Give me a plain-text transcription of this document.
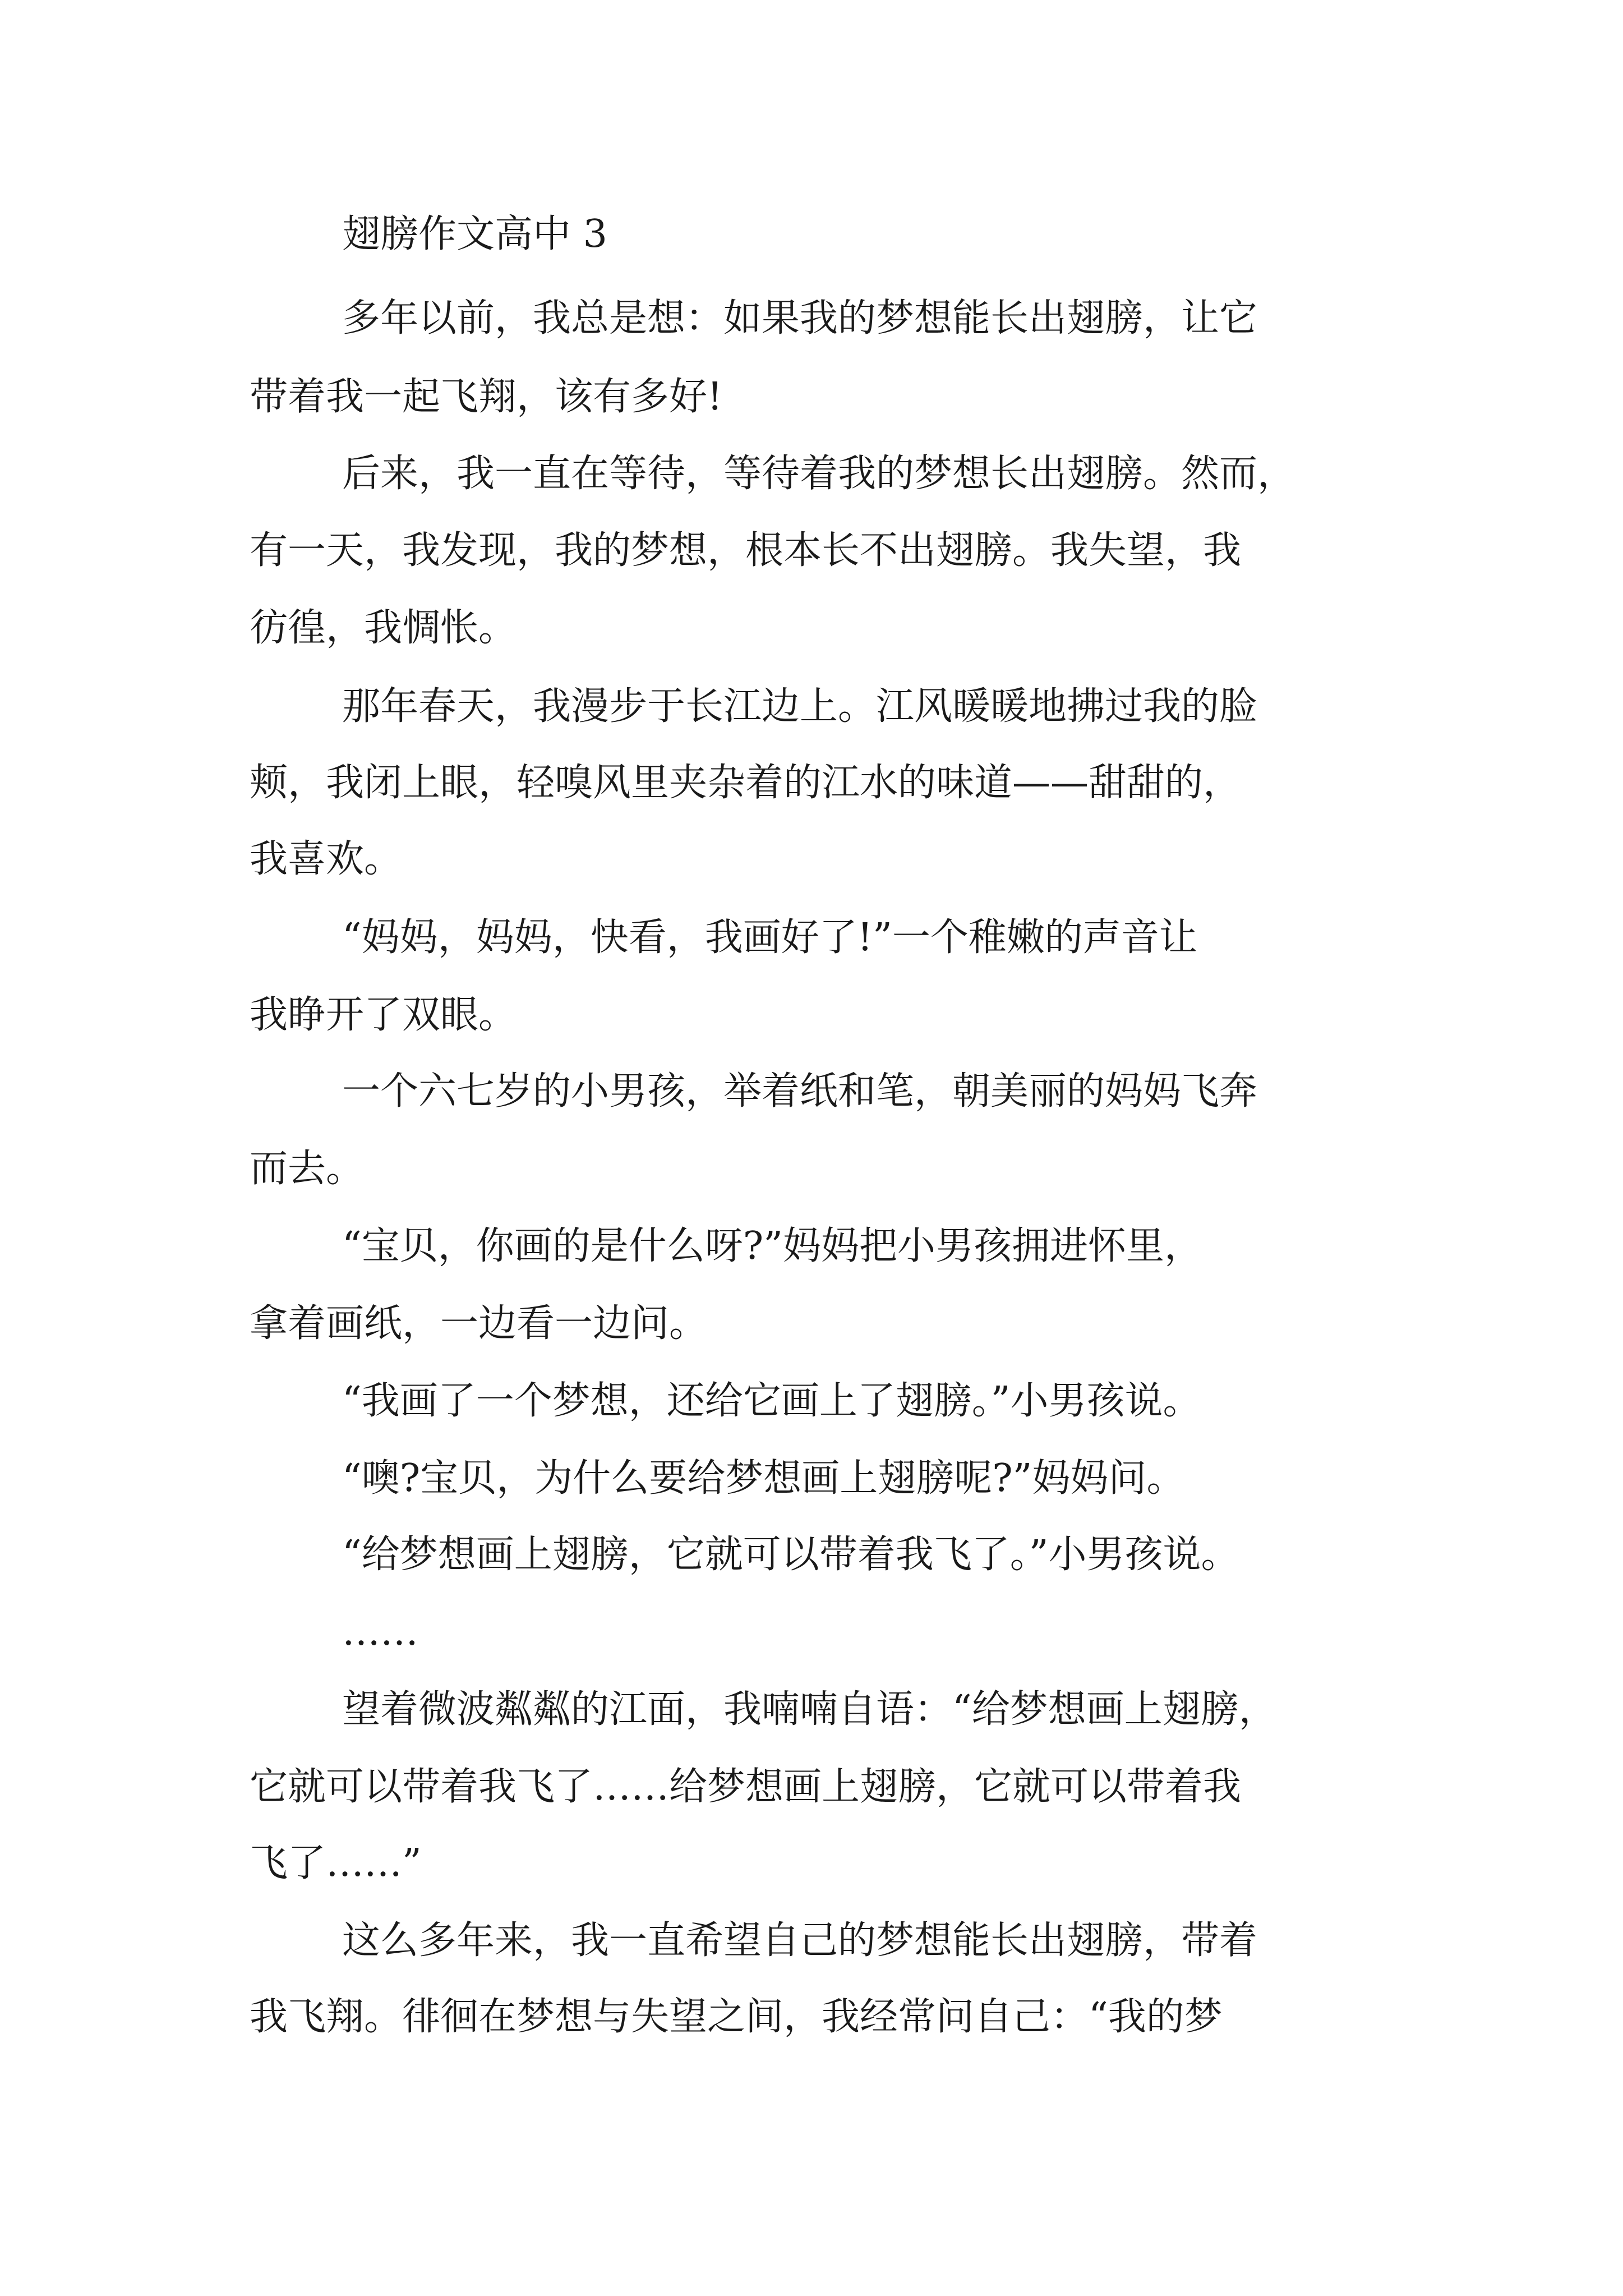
翅膀作文高中 3
多年以前，我总是想：如果我的梦想能长出翅膀，让它
带着我一起飞翔，该有多好!
后来，我一直在等待，等待着我的梦想长出翅膀。然而，
有一天，我发现，我的梦想，根本长不出翅膀。我失望，我
彷徨，我惆怅。
那年春天，我漫步于长江边上。江风暖暖地拂过我的脸
颊，我闭上眼，轻嗅风里夹杂着的江水的味道——甜甜的，
我喜欢。
“妈妈，妈妈，快看，我画好了!”一个稚嫩的声音让
我睁开了双眼。
一个六七岁的小男孩，举着纸和笔，朝美丽的妈妈飞奔
而去。
“宝贝，你画的是什么呀?”妈妈把小男孩拥进怀里，
拿着画纸，一边看一边问。
“我画了一个梦想，还给它画上了翅膀。”小男孩说。
“噢?宝贝，为什么要给梦想画上翅膀呢?”妈妈问。
“给梦想画上翅膀，它就可以带着我飞了。”小男孩说。
……
望着微波粼粼的江面，我喃喃自语：“给梦想画上翅膀，
它就可以带着我飞了……给梦想画上翅膀，它就可以带着我
飞了……”
这么多年来，我一直希望自己的梦想能长出翅膀，带着
我飞翔。徘徊在梦想与失望之间，我经常问自己：“我的梦
